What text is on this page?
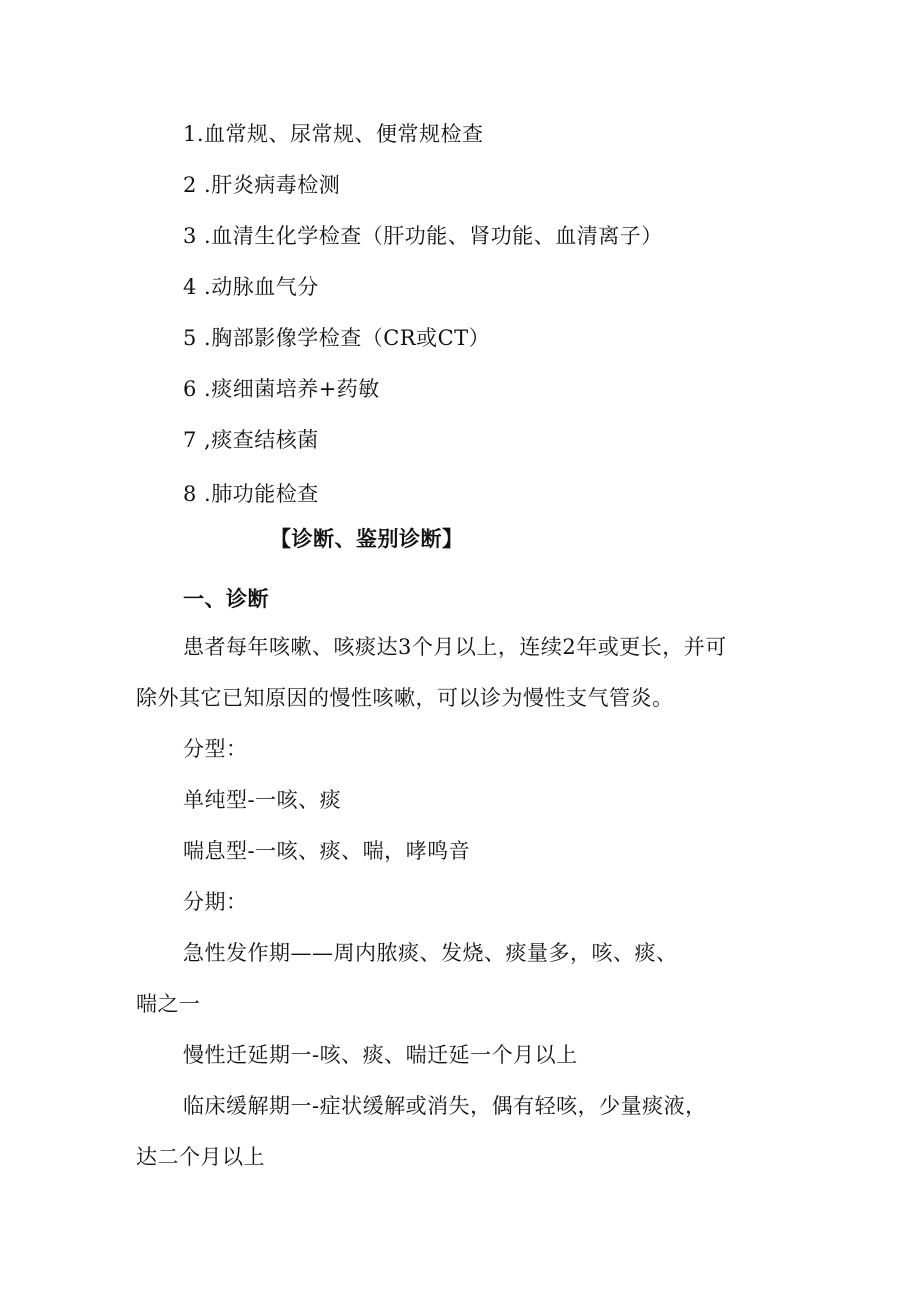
1.血常规、尿常规、便常规检查
2 .肝炎病毒检测
3 .血清生化学检查（肝功能、肾功能、血清离子）
4 .动脉血气分
5 .胸部影像学检查（CR或CT）
6 .痰细菌培养+药敏
7 ,痰查结核菌
8 .肺功能检查
【诊断、鉴别诊断】
一、诊断
患者每年咳嗽、咳痰达3个月以上，连续2年或更长，并可
除外其它已知原因的慢性咳嗽，可以诊为慢性支气管炎。
分型：
单纯型-一咳、痰
喘息型-一咳、痰、喘，哮鸣音
分期：
急性发作期——周内脓痰、发烧、痰量多，咳、痰、
喘之一
慢性迁延期一-咳、痰、喘迁延一个月以上
临床缓解期一-症状缓解或消失，偶有轻咳，少量痰液，
达二个月以上
